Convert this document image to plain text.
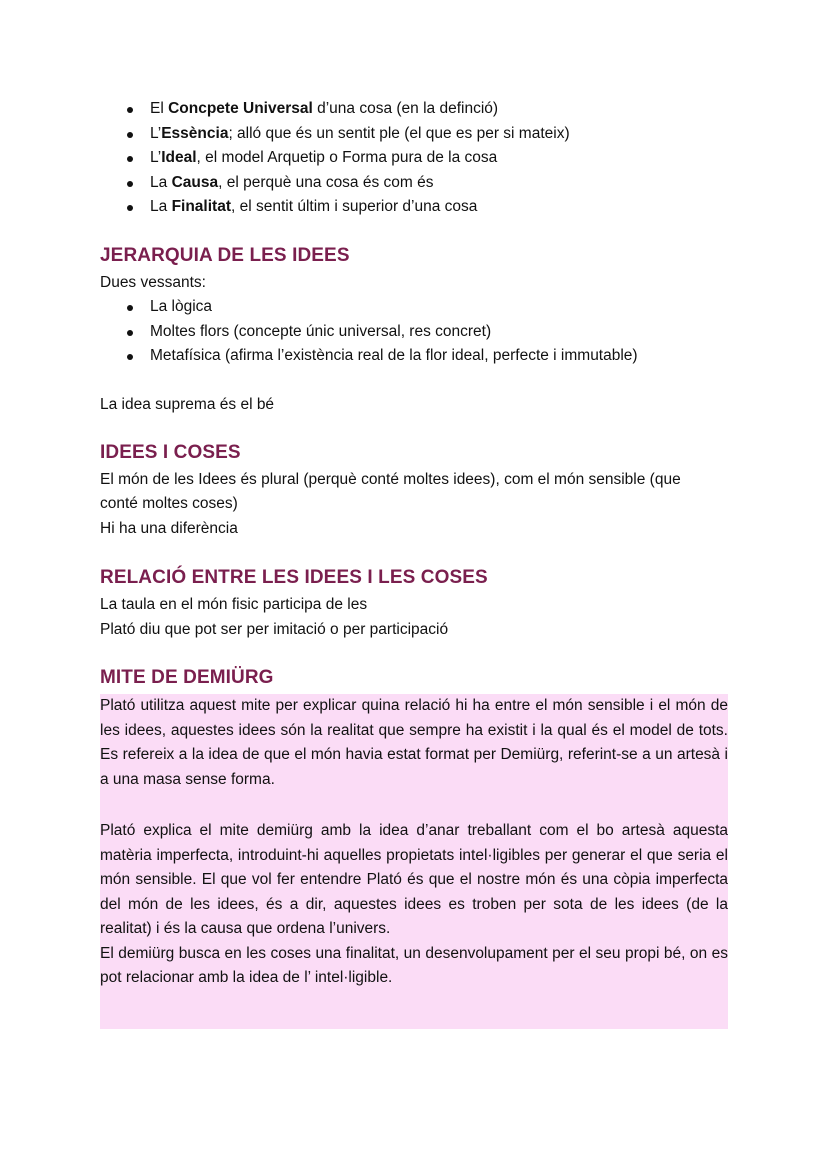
El Concpete Universal d’una cosa (en la definció)
L’Essència; alló que és un sentit ple (el que es per si mateix)
L’Ideal, el model Arquetip o Forma pura de la cosa
La Causa, el perquè una cosa és com és
La Finalitat, el sentit últim i superior d’una cosa
JERARQUIA DE LES IDEES

Dues vessants:

La lògica
Moltes flors (concepte únic universal, res concret)
Metafísica (afirma l’existència real de la flor ideal, perfecte i immutable)

La idea suprema és el bé

IDEES I COSES

El món de les Idees és plural (perquè conté moltes idees), com el món sensible (que

conté moltes coses)

Hi ha una diferència

RELACIÓ ENTRE LES IDEES I LES COSES

La taula en el món fisic participa de les

Plató diu que pot ser per imitació o per participació

MITE DE DEMIÜRG

Plató utilitza aquest mite per explicar quina relació hi ha entre el món sensible i el món de les idees, aquestes idees són la realitat que sempre ha existit i la qual és el model de tots. Es refereix a la idea de que el món havia estat format per Demiürg, referint-se a un artesà i a una masa sense forma.

Plató explica el mite demiürg amb la idea d’anar treballant com el bo artesà aquesta matèria imperfecta, introduint-hi aquelles propietats intel·ligibles per generar el que seria el món sensible. El que vol fer entendre Plató és que el nostre món és una còpia imperfecta del món de les idees, és a dir, aquestes idees es troben per sota de les idees (de la realitat) i és la causa que ordena l’univers.

El demiürg busca en les coses una finalitat, un desenvolupament per el seu propi bé, on es pot relacionar amb la idea de l’ intel·ligible.
